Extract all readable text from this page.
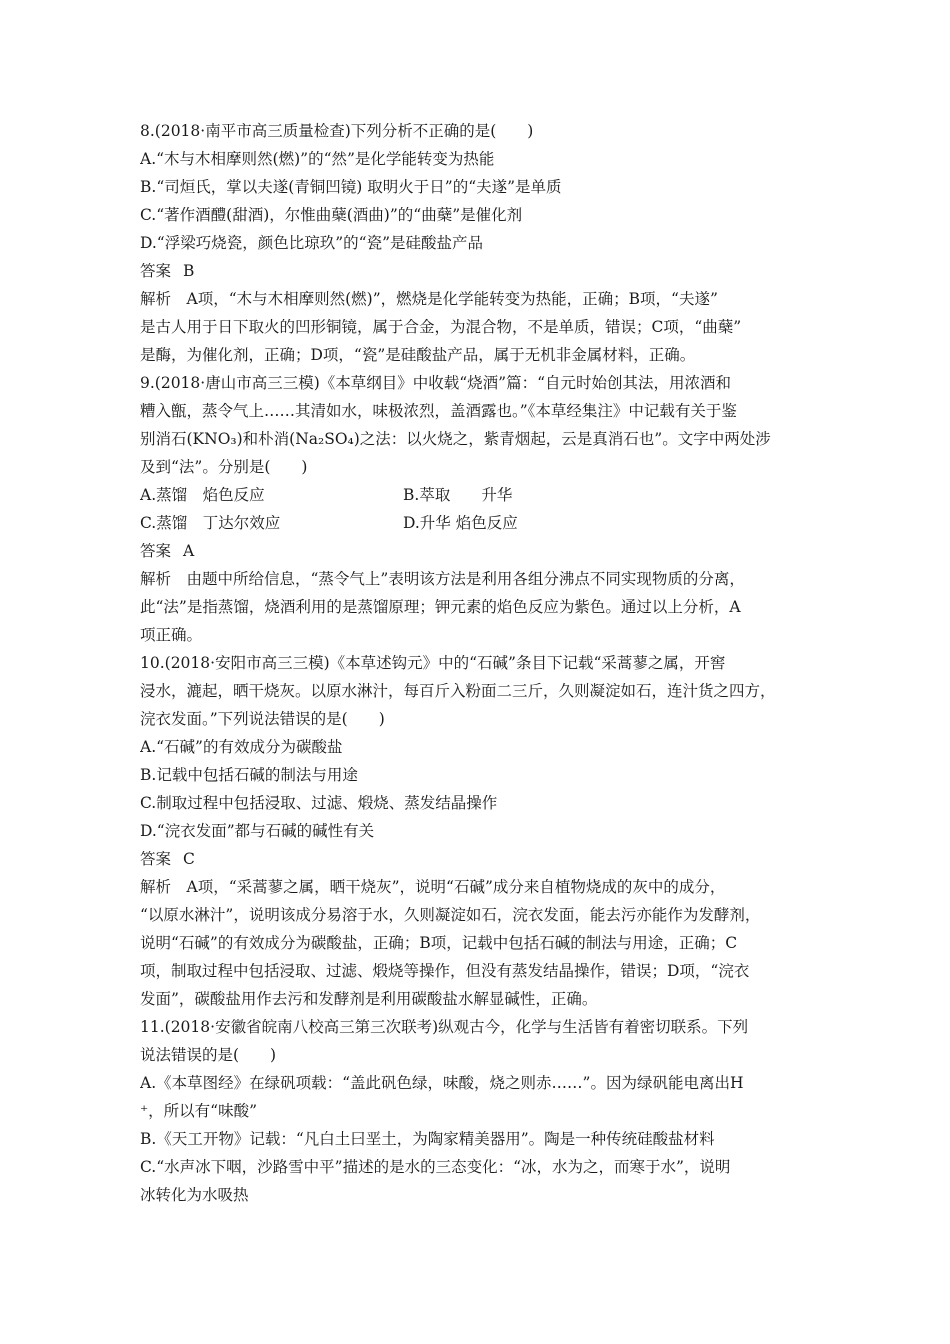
8.(2018·南平市高三质量检查)下列分析不正确的是(　　)
A.“木与木相摩则然(燃)”的“然”是化学能转变为热能
B.“司烜氏，掌以夫遂(青铜凹镜) 取明火于日”的“夫遂”是单质
C.“著作酒醴(甜酒)，尔惟曲蘖(酒曲)”的“曲蘖”是催化剂
D.“浮梁巧烧瓷，颜色比琼玖”的“瓷”是硅酸盐产品
答案 B
解析　A项，“木与木相摩则然(燃)”，燃烧是化学能转变为热能，正确；B项，“夫遂”
是古人用于日下取火的凹形铜镜，属于合金，为混合物，不是单质，错误；C项，“曲蘖”
是酶，为催化剂，正确；D项，“瓷”是硅酸盐产品，属于无机非金属材料，正确。
9.(2018·唐山市高三三模)《本草纲目》中收载“烧酒”篇：“自元时始创其法，用浓酒和
糟入甑，蒸令气上……其清如水，味极浓烈，盖酒露也。”《本草经集注》中记载有关于鉴
别消石(KNO₃)和朴消(Na₂SO₄)之法：以火烧之，紫青烟起，云是真消石也”。文字中两处涉
及到“法”。分别是(　　)
A.蒸馏　焰色反应	B.萃取　　升华
C.蒸馏　丁达尔效应	D.升华 焰色反应
答案 A
解析　由题中所给信息，“蒸令气上”表明该方法是利用各组分沸点不同实现物质的分离，
此“法”是指蒸馏，烧酒利用的是蒸馏原理；钾元素的焰色反应为紫色。通过以上分析，A
项正确。
10.(2018·安阳市高三三模)《本草述钩元》中的“石碱”条目下记载“采蒿蓼之属，开窖
浸水，漉起，晒干烧灰。以原水淋汁，每百斤入粉面二三斤，久则凝淀如石，连汁货之四方，
浣衣发面。”下列说法错误的是(　　)
A.“石碱”的有效成分为碳酸盐
B.记载中包括石碱的制法与用途
C.制取过程中包括浸取、过滤、煅烧、蒸发结晶操作
D.“浣衣发面”都与石碱的碱性有关
答案 C
解析　A项，“采蒿蓼之属，晒干烧灰”，说明“石碱”成分来自植物烧成的灰中的成分，
“以原水淋汁”，说明该成分易溶于水，久则凝淀如石，浣衣发面，能去污亦能作为发酵剂，
说明“石碱”的有效成分为碳酸盐，正确；B项，记载中包括石碱的制法与用途，正确；C
项，制取过程中包括浸取、过滤、煅烧等操作，但没有蒸发结晶操作，错误；D项，“浣衣
发面”，碳酸盐用作去污和发酵剂是利用碳酸盐水解显碱性，正确。
11.(2018·安徽省皖南八校高三第三次联考)纵观古今，化学与生活皆有着密切联系。下列
说法错误的是(　　)
A.《本草图经》在绿矾项载：“盖此矾色绿，味酸，烧之则赤……”。因为绿矾能电离出H
⁺，所以有“味酸”
B.《天工开物》记载：“凡白土曰垩土，为陶家精美器用”。陶是一种传统硅酸盐材料
C.“水声冰下咽，沙路雪中平”描述的是水的三态变化：“冰，水为之，而寒于水”，说明
冰转化为水吸热
